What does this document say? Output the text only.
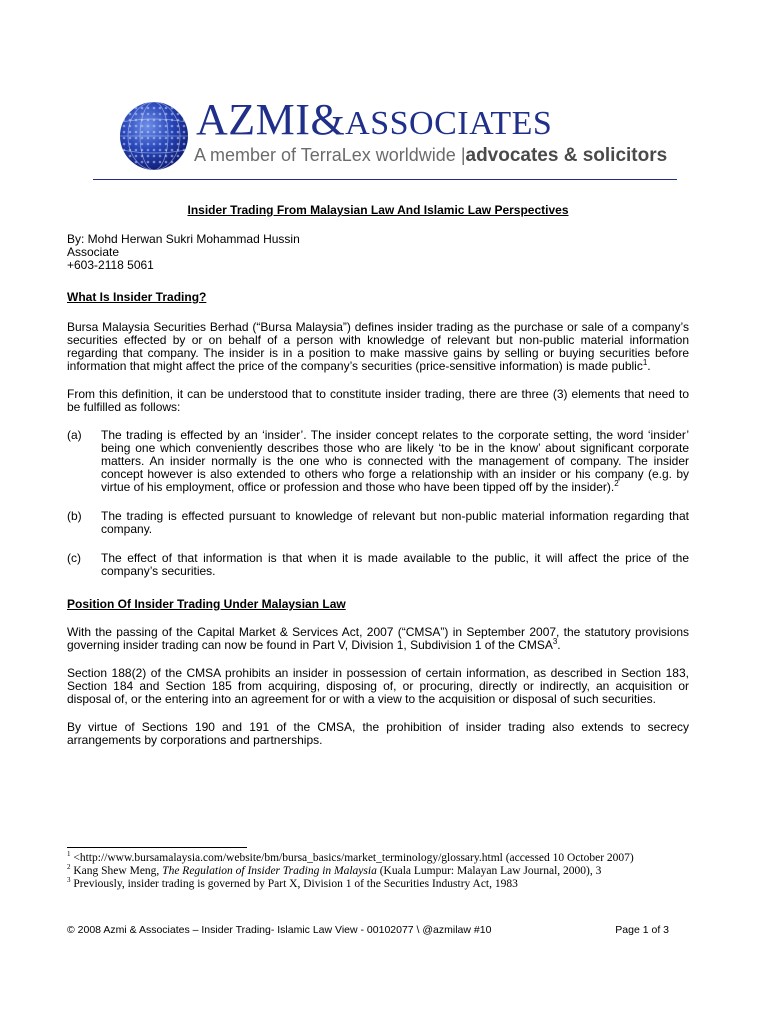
AZMI&ASSOCIATES
A member of TerraLex worldwide |advocates & solicitors

Insider Trading From Malaysian Law And Islamic Law Perspectives

By: Mohd Herwan Sukri Mohammad Hussin

Associate

+603-2118 5061

What Is Insider Trading?

Bursa Malaysia Securities Berhad (“Bursa Malaysia”) defines insider trading as the purchase or sale of a company’s securities effected by or on behalf of a person with knowledge of relevant but non-public material information regarding that company. The insider is in a position to make massive gains by selling or buying securities before information that might affect the price of the company’s securities (price-sensitive information) is made public$^1$.

From this definition, it can be understood that to constitute insider trading, there are three (3) elements that need to be fulfilled as follows:

(a)	The trading is effected by an ‘insider’. The insider concept relates to the corporate setting, the word ‘insider’ being one which conveniently describes those who are likely ‘to be in the know’ about significant corporate matters. An insider normally is the one who is connected with the management of company. The insider concept however is also extended to others who forge a relationship with an insider or his company (e.g. by virtue of his employment, office or profession and those who have been tipped off by the insider).$^2$
(b)	The trading is effected pursuant to knowledge of relevant but non-public material information regarding that company.
(c)	The effect of that information is that when it is made available to the public, it will affect the price of the company’s securities.

Position Of Insider Trading Under Malaysian Law

With the passing of the Capital Market & Services Act, 2007 (“CMSA”) in September 2007, the statutory provisions governing insider trading can now be found in Part V, Division 1, Subdivision 1 of the CMSA$^3$.

Section 188(2) of the CMSA prohibits an insider in possession of certain information, as described in Section 183, Section 184 and Section 185 from acquiring, disposing of, or procuring, directly or indirectly, an acquisition or disposal of, or the entering into an agreement for or with a view to the acquisition or disposal of such securities.

By virtue of Sections 190 and 191 of the CMSA, the prohibition of insider trading also extends to secrecy arrangements by corporations and partnerships.

$^1$ <http://www.bursamalaysia.com/website/bm/bursa_basics/market_terminology/glossary.html (accessed 10 October 2007)
$^2$ Kang Shew Meng, The Regulation of Insider Trading in Malaysia (Kuala Lumpur: Malayan Law Journal, 2000), 3
$^3$ Previously, insider trading is governed by Part X, Division 1 of the Securities Industry Act, 1983
© 2008 Azmi & Associates – Insider Trading- Islamic Law View - 00102077 \ @azmilaw #10	Page 1 of 3
